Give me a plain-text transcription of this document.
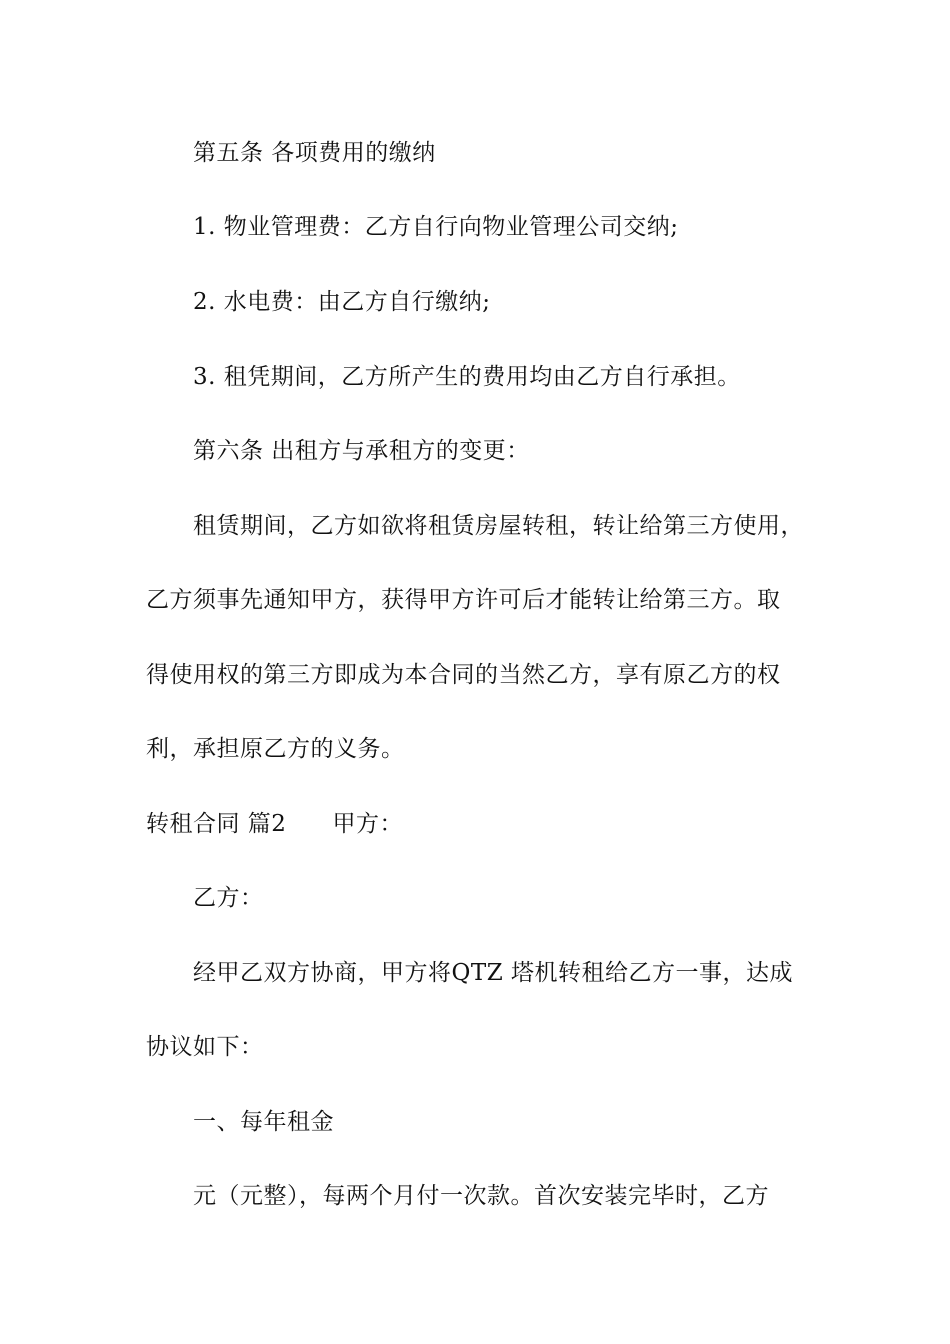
第五条 各项费用的缴纳
1. 物业管理费：乙方自行向物业管理公司交纳;
2. 水电费：由乙方自行缴纳;
3. 租凭期间，乙方所产生的费用均由乙方自行承担。
第六条 出租方与承租方的变更：
租赁期间，乙方如欲将租赁房屋转租，转让给第三方使用，
乙方须事先通知甲方，获得甲方许可后才能转让给第三方。取
得使用权的第三方即成为本合同的当然乙方，享有原乙方的权
利，承担原乙方的义务。
转租合同 篇2 甲方：
乙方：
经甲乙双方协商，甲方将QTZ 塔机转租给乙方一事，达成
协议如下：
一、每年租金
元（元整），每两个月付一次款。首次安装完毕时，乙方
